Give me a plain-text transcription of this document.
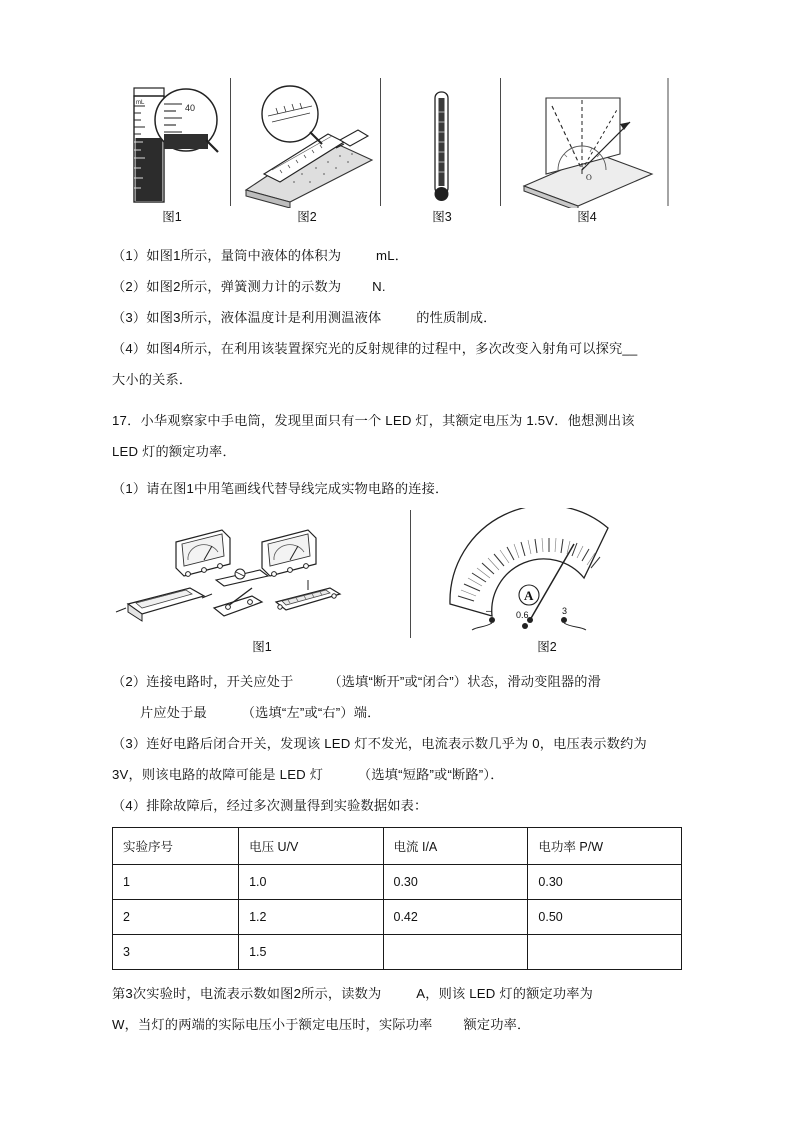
mL	40
O
图1	图2	图3	图4

（1）如图1所示，量筒中液体的体积为         mL．

（2）如图2所示，弹簧测力计的示数为        N.

（3）如图3所示，液体温度计是利用测温液体         的性质制成．

（4）如图4所示，在利用该装置探究光的反射规律的过程中，多次改变入射角可以探究__

大小的关系．

17．小华观察家中手电筒，发现里面只有一个 LED 灯，其额定电压为 1.5V．他想测出该

LED 灯的额定功率．

（1）请在图1中用笔画线代替导线完成实物电路的连接．

A
–	0.6	3
图1	图2

（2）连接电路时，开关应处于         （选填“断开”或“闭合”）状态，滑动变阻器的滑

片应处于最         （选填“左”或“右”）端．

（3）连好电路后闭合开关，发现该 LED 灯不发光，电流表示数几乎为 0，电压表示数约为

3V，则该电路的故障可能是 LED 灯         （选填“短路”或“断路”）．

（4）排除故障后，经过多次测量得到实验数据如表：

实验序号	电压 U/V	电流 I/A	电功率 P/W
1	1.0	0.30	0.30
2	1.2	0.42	0.50
3	1.5		

第3次实验时，电流表示数如图2所示，读数为         A，则该 LED 灯的额定功率为

W，当灯的两端的实际电压小于额定电压时，实际功率        额定功率．
